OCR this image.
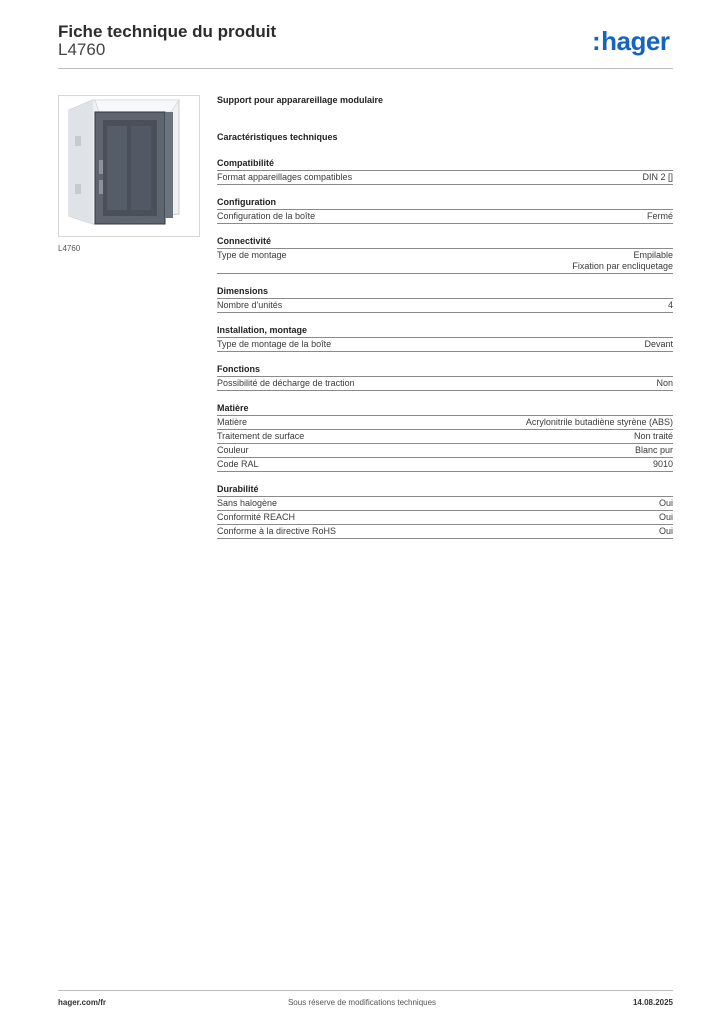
Fiche technique du produit
L4760	:hager
L4760
Support pour apparareillage modulaire
Caractéristiques techniques
Compatibilité
Format appareillages compatibles	DIN 2 []
Configuration
Configuration de la boîte	Fermé
Connectivité
Type de montage	Empilable
Fixation par encliquetage
Dimensions
Nombre d'unités	4
Installation, montage
Type de montage de la boîte	Devant
Fonctions
Possibilité de décharge de traction	Non
Matière
Matière	Acrylonitrile butadiène styrène (ABS)
Traitement de surface	Non traité
Couleur	Blanc pur
Code RAL	9010
Durabilité
Sans halogène	Oui
Conformité REACH	Oui
Conforme à la directive RoHS	Oui
hager.com/fr	Sous réserve de modifications techniques	14.08.2025
